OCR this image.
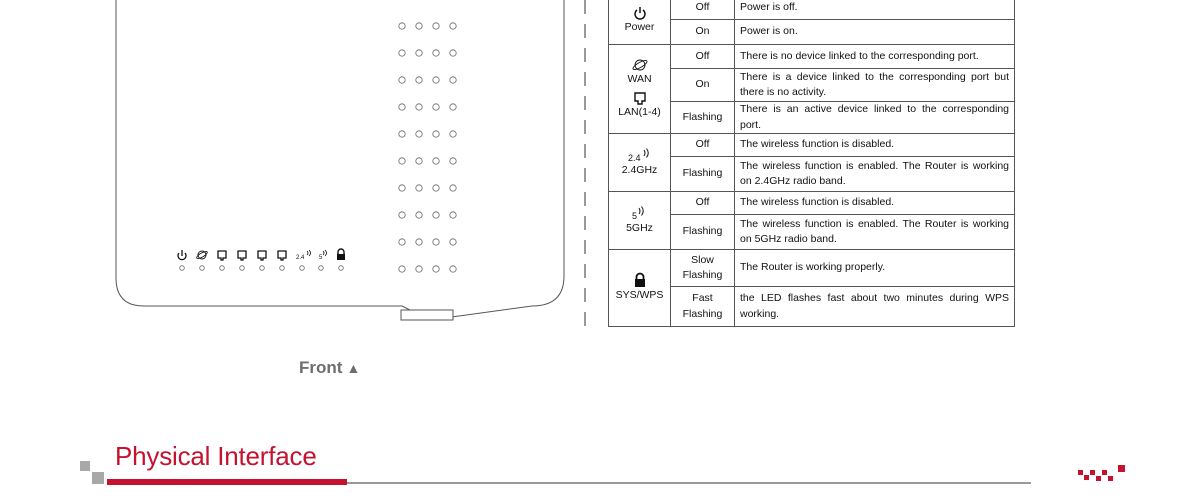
2.4 5
Front ▲
Power	Off	Power is off.
	On	Power is on.

WAN
LAN(1-4)	Off	There is no device linked to the corresponding port.
	On	There is a device linked to the corresponding port but there is no activity.
	Flashing	There is an active device linked to the corresponding port.

2.4
2.4GHz	Off	The wireless function is disabled.
	Flashing	The wireless function is enabled. The Router is working on 2.4GHz radio band.

5
5GHz	Off	The wireless function is disabled.
	Flashing	The wireless function is enabled. The Router is working on 5GHz radio band.

SYS/WPS	Slow Flashing	The Router is working properly.
	Fast Flashing	the LED flashes fast about two minutes during WPS working.
Physical Interface
